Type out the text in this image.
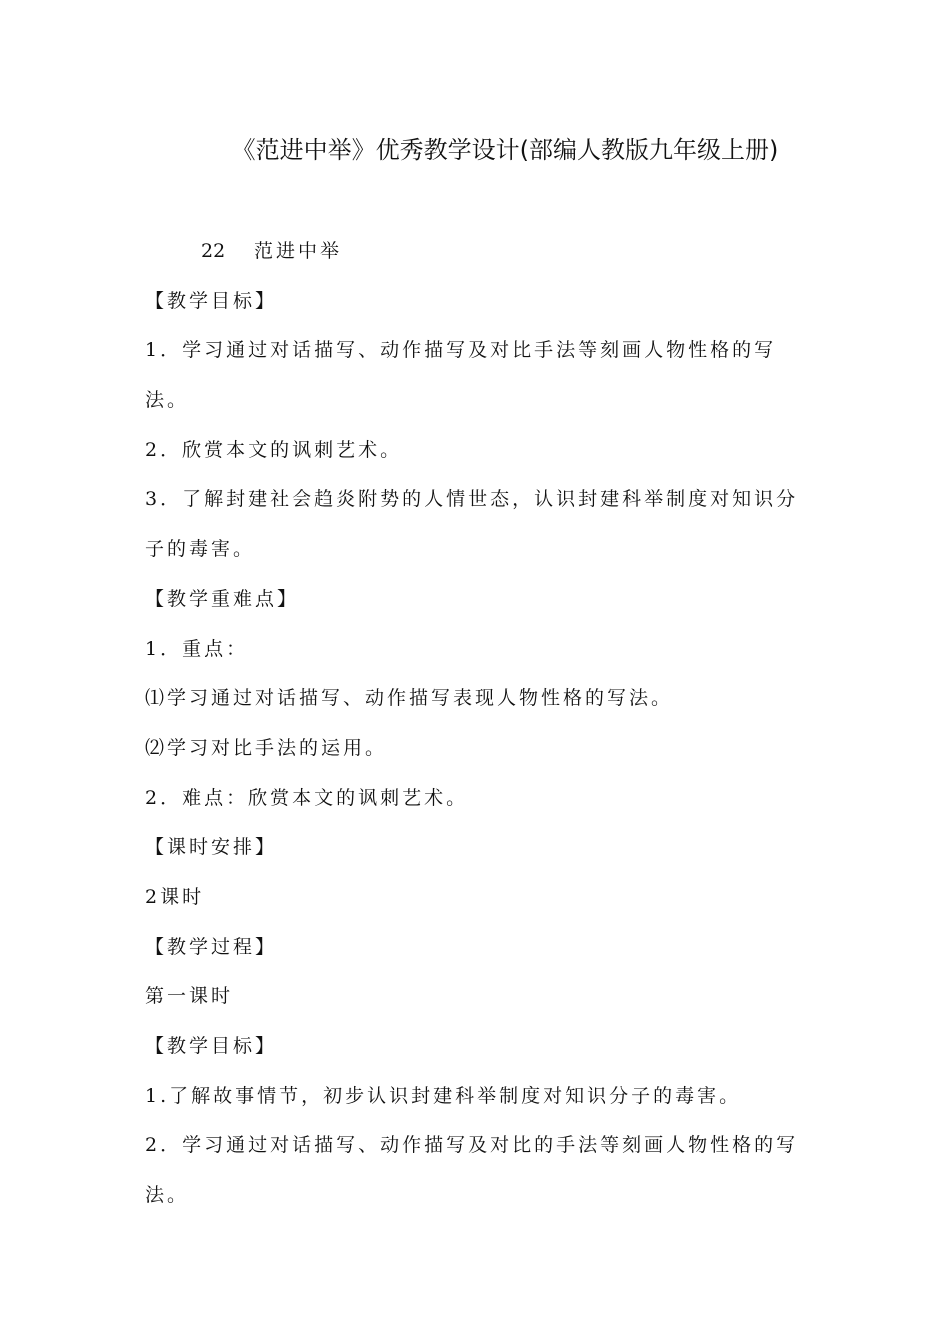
《范进中举》优秀教学设计(部编人教版九年级上册)
22 范进中举
【教学目标】
1．学习通过对话描写、动作描写及对比手法等刻画人物性格的写
法。
2．欣赏本文的讽刺艺术。
3．了解封建社会趋炎附势的人情世态，认识封建科举制度对知识分
子的毒害。
【教学重难点】
1．重点：
⑴学习通过对话描写、动作描写表现人物性格的写法。
⑵学习对比手法的运用。
2．难点：欣赏本文的讽刺艺术。
【课时安排】
2课时
【教学过程】
第一课时
【教学目标】
1.了解故事情节，初步认识封建科举制度对知识分子的毒害。
2．学习通过对话描写、动作描写及对比的手法等刻画人物性格的写
法。
